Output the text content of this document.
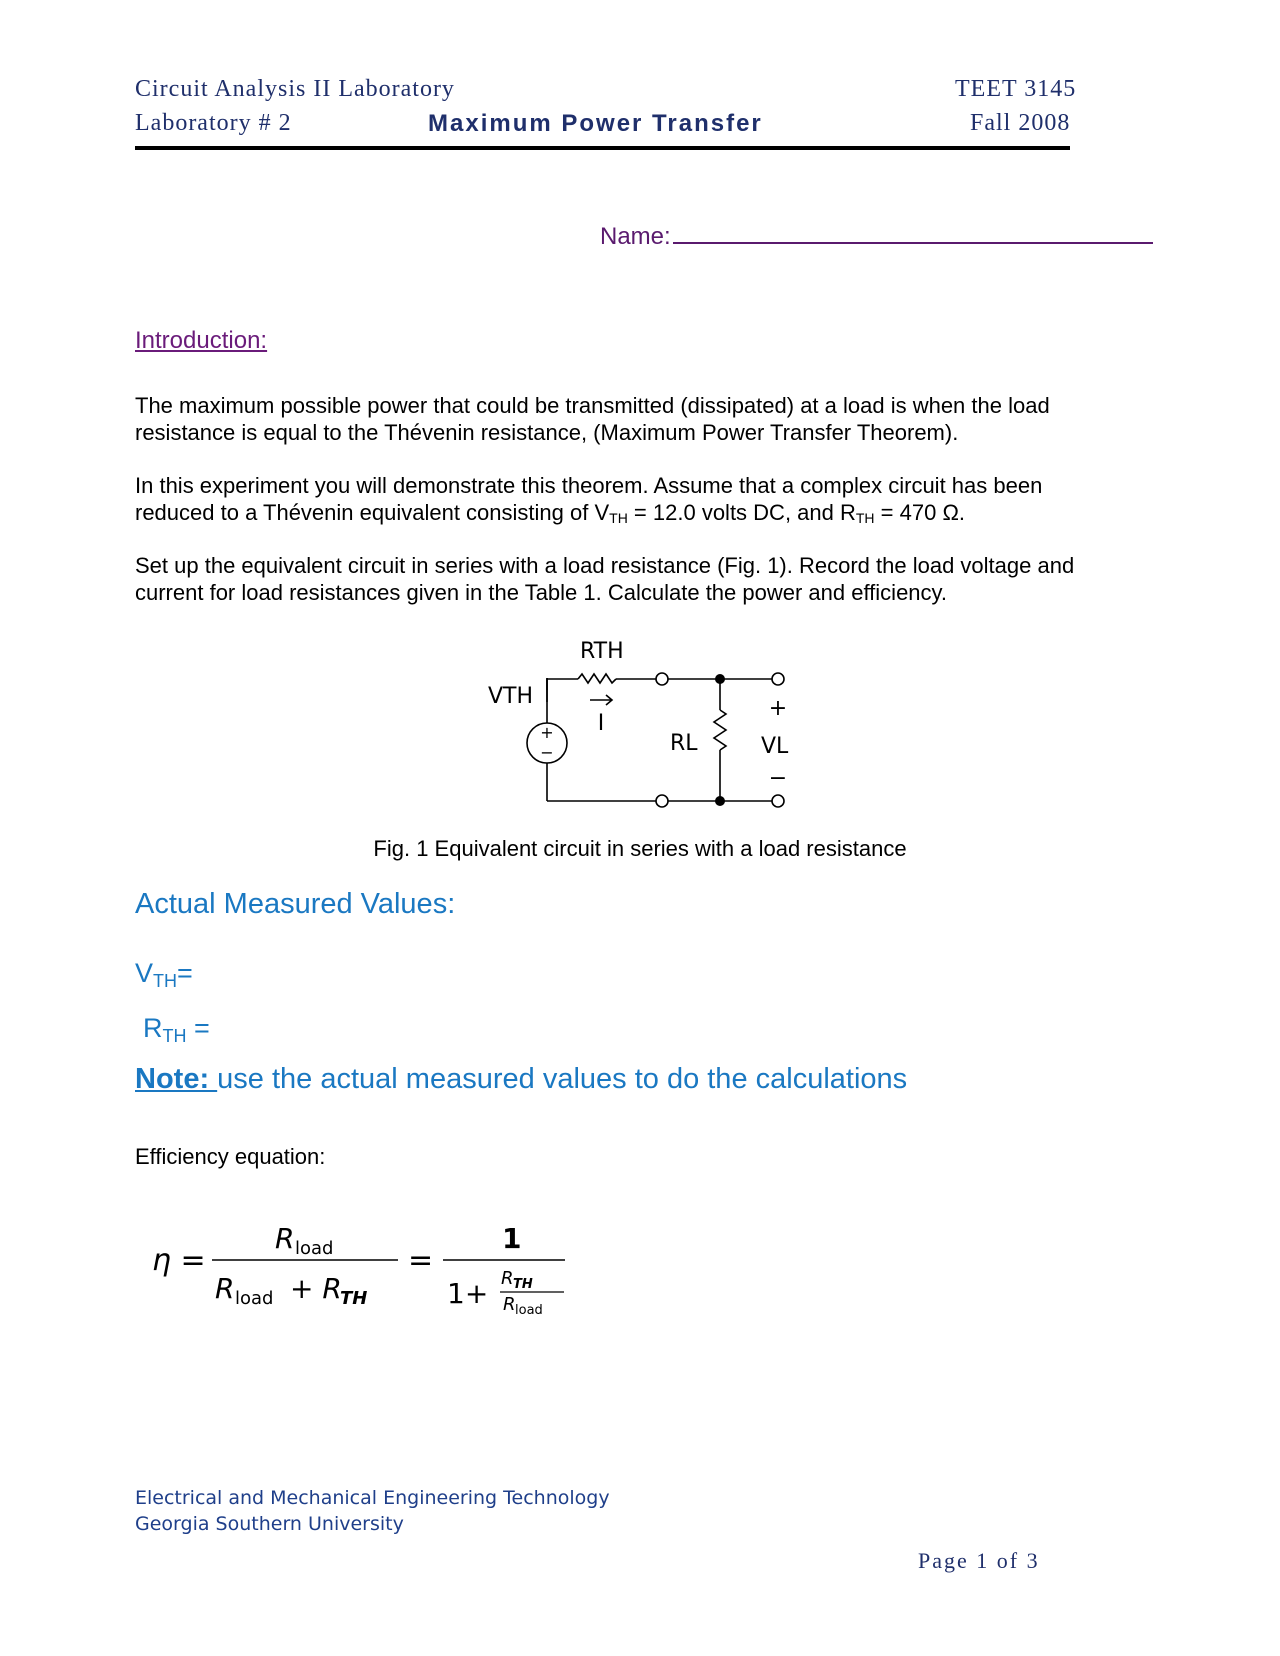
Circuit Analysis II Laboratory	TEET 3145
Laboratory # 2	Maximum Power Transfer	Fall 2008
Name:
Introduction:
The maximum possible power that could be transmitted (dissipated) at a load is when the load
resistance is equal to the Thévenin resistance, (Maximum Power Transfer Theorem).
In this experiment you will demonstrate this theorem. Assume that a complex circuit has been
reduced to a Thévenin equivalent consisting of $V_{TH} = 12.0$ volts DC, and $R_{TH} = 470$ Ω.
Set up the equivalent circuit in series with a load resistance (Fig. 1). Record the load voltage and
current for load resistances given in the Table 1. Calculate the power and efficiency.
+
−
RTH
VTH
I
RL
+
VL
−
Fig. 1 Equivalent circuit in series with a load resistance
Actual Measured Values:
$V_{TH}=$
$R_{TH}$ =
Note: use the actual measured values to do the calculations
Efficiency equation:
η =
R load
R load + R
TH
=
1
1+ R TH
R load
Electrical and Mechanical Engineering Technology
Georgia Southern University
Page 1 of 3
